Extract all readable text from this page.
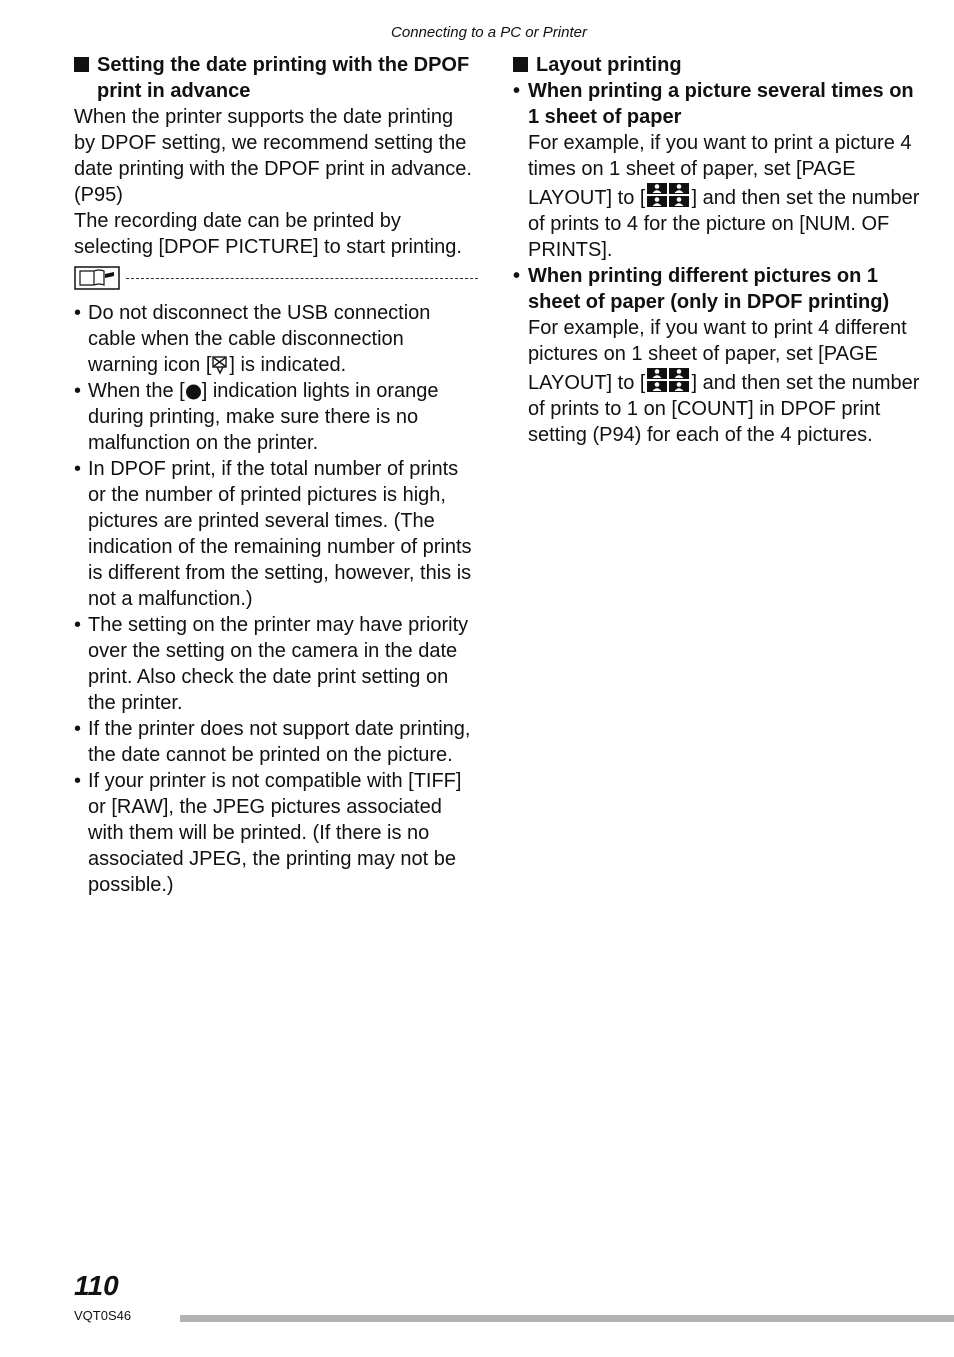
Connecting to a PC or Printer
Setting the date printing with the DPOF print in advance
When the printer supports the date printing by DPOF setting, we recommend setting the date printing with the DPOF print in advance. (P95)
The recording date can be printed by selecting [DPOF PICTURE] to start printing.
• Do not disconnect the USB connection cable when the cable disconnection warning icon [ ] is indicated.
• When the [ ] indication lights in orange during printing, make sure there is no malfunction on the printer.
• In DPOF print, if the total number of prints or the number of printed pictures is high, pictures are printed several times. (The indication of the remaining number of prints is different from the setting, however, this is not a malfunction.)
• The setting on the printer may have priority over the setting on the camera in the date print. Also check the date print setting on the printer.
• If the printer does not support date printing, the date cannot be printed on the picture.
• If your printer is not compatible with [TIFF] or [RAW], the JPEG pictures associated with them will be printed. (If there is no associated JPEG, the printing may not be possible.)
Layout printing
• When printing a picture several times on 1 sheet of paper
For example, if you want to print a picture 4 times on 1 sheet of paper, set [PAGE LAYOUT] to [ ] and then set the number of prints to 4 for the picture on [NUM. OF PRINTS].
• When printing different pictures on 1 sheet of paper (only in DPOF printing)
For example, if you want to print 4 different pictures on 1 sheet of paper, set [PAGE LAYOUT] to [ ] and then set the number of prints to 1 on [COUNT] in DPOF print setting (P94) for each of the 4 pictures.
110
VQT0S46
